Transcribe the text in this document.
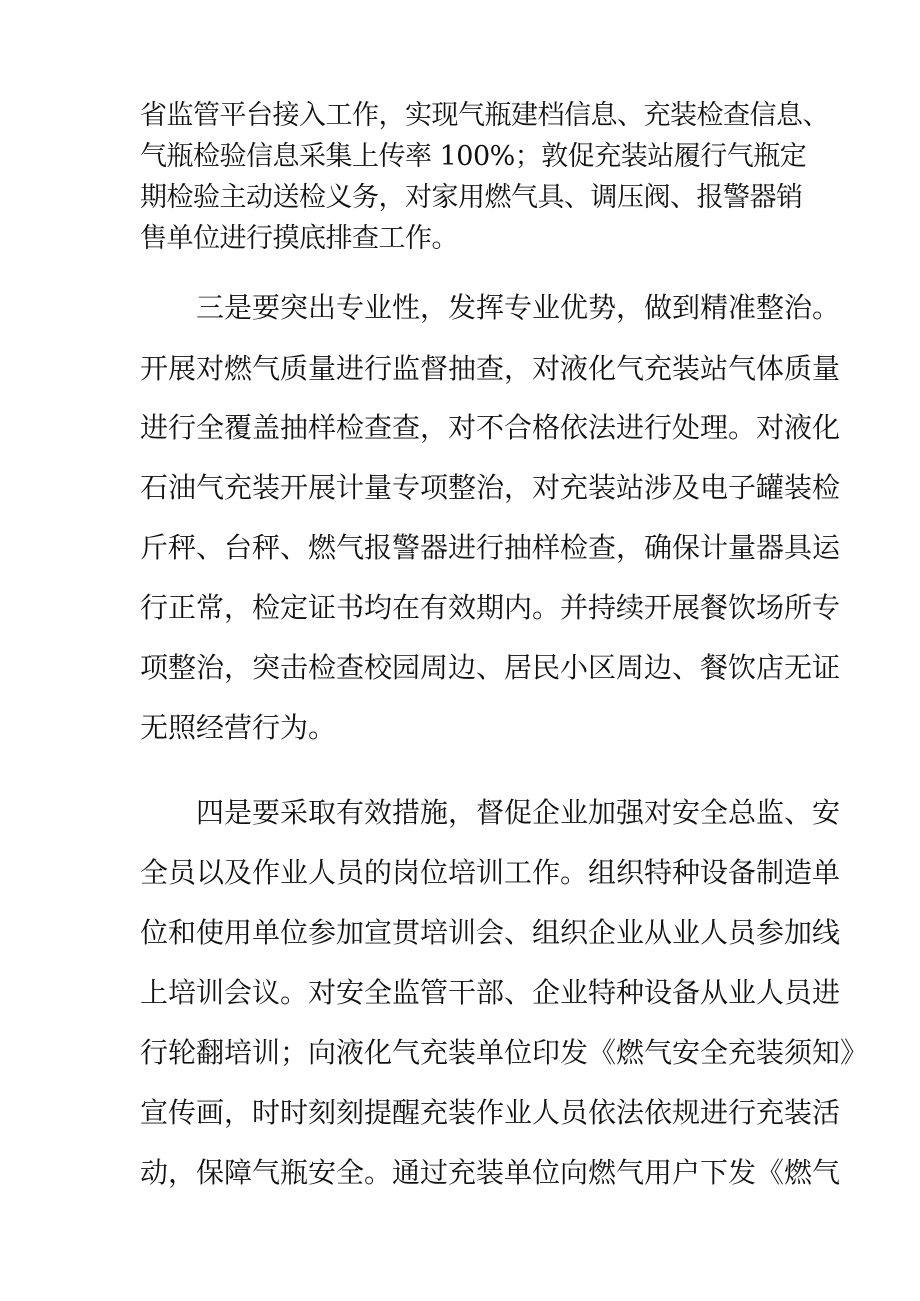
省监管平台接入工作，实现气瓶建档信息、充装检查信息、
气瓶检验信息采集上传率 100%；敦促充装站履行气瓶定
期检验主动送检义务，对家用燃气具、调压阀、报警器销
售单位进行摸底排查工作。
三是要突出专业性，发挥专业优势，做到精准整治。
开展对燃气质量进行监督抽查，对液化气充装站气体质量
进行全覆盖抽样检查查，对不合格依法进行处理。对液化
石油气充装开展计量专项整治，对充装站涉及电子罐装检
斤秤、台秤、燃气报警器进行抽样检查，确保计量器具运
行正常，检定证书均在有效期内。并持续开展餐饮场所专
项整治，突击检查校园周边、居民小区周边、餐饮店无证
无照经营行为。
四是要采取有效措施，督促企业加强对安全总监、安
全员以及作业人员的岗位培训工作。组织特种设备制造单
位和使用单位参加宣贯培训会、组织企业从业人员参加线
上培训会议。对安全监管干部、企业特种设备从业人员进
行轮翻培训；向液化气充装单位印发《燃气安全充装须知》
宣传画，时时刻刻提醒充装作业人员依法依规进行充装活
动，保障气瓶安全。通过充装单位向燃气用户下发《燃气
